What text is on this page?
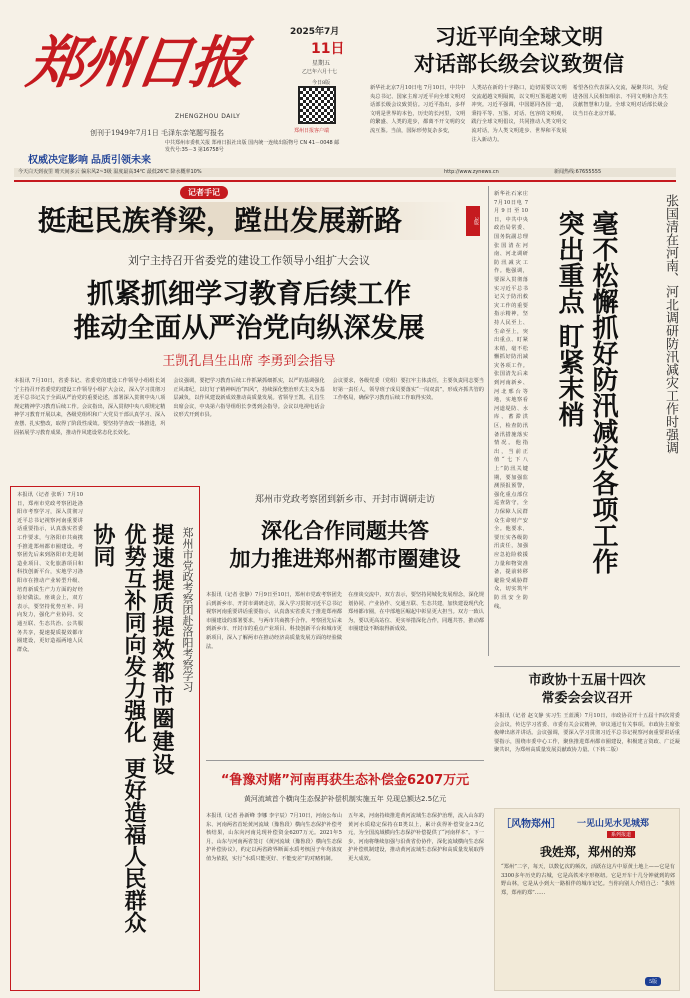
郑州日报
ZHENGZHOU DAILY
创刊于1949年7月1日 毛泽东亲笔题写报名
2025年7月
11日
星期五
乙巳年六月十七
今日8版
郑州日报客户端
中共郑州市委机关报 郑州日报社出版 国内统一连续出版物号 CN 41－0048 邮发代号:35－3 第16758号
权威决定影响 品质引领未来
今天白天到夜里 晴天间多云 偏东风2~3级 温度最高34℃ 最低26℃ 降水概率10%	http://www.zynews.cn	新闻热线:67655555
习近平向全球文明
对话部长级会议致贺信
新华社北京7月10日电 7月10日，中共中央总书记、国家主席习近平向全球文明对话部长级会议致贺信。习近平指出，多样文明是世界的本色，历史的长河里，文明的繁盛、人类的进步，都离不开文明的交流互鉴。当前，国际形势复杂多变，
人类站在新的十字路口，迫切需要以文明交流超越文明隔阂，以文明互鉴超越文明冲突。习近平强调，中国愿同各国一道，秉持平等、互鉴、对话、包容的文明观，践行全球文明倡议，共同推动人类文明交流对话，为人类文明进步、世界和平发展注入新动力。
希望各位代表深入交流，凝聚共识，为促进各国人民相知相亲、不同文明和合共生贡献智慧和力量。全球文明对话部长级会议当日在北京开幕。
记者手记
挺起民族脊梁，蹚出发展新路	3版
刘宁主持召开省委党的建设工作领导小组扩大会议
抓紧抓细学习教育后续工作
推动全面从严治党向纵深发展
王凯孔昌生出席 李勇到会指导
本报讯 7月10日，省委书记、省委党的建设工作领导小组组长刘宁主持召开省委党的建设工作领导小组扩大会议，深入学习贯彻习近平总书记关于全面从严治党的重要论述，部署深入贯彻中央八项规定精神学习教育后续工作。会议指出，深入贯彻中央八项规定精神学习教育开展以来，各级党组织和广大党员干部认真学习、深入查摆、扎实整改，取得了阶段性成效。要坚持学查改一体推进，巩固拓展学习教育成果，推动作风建设常态化长效化。
会议强调，要把学习教育后续工作抓紧抓细抓实，以严的基调强化正风肃纪，以钉钉子精神纠治“四风”，持续深化整治形式主义为基层减负，以作风建设新成效推动高质量发展。省领导王凯、孔昌生出席会议，中央第六指导组组长李勇到会指导。会议以电视电话会议形式开到市县。
会议要求，各级党委（党组）要扛牢主体责任，主要负责同志要当好第一责任人，领导班子成员要落实“一岗双责”，形成齐抓共管的工作格局，确保学习教育后续工作取得实效。	张国清在河南、河北调研防汛减灾工作时强调
突出重点 盯紧末梢 毫不松懈抓好防汛减灾各项工作
新华社石家庄7月10日电 7月9日至10日，中共中央政治局常委、国务院副总理张国清在河南、河北调研防汛减灾工作。他强调，要深入贯彻落实习近平总书记关于防汛救灾工作的重要指示精神，坚持人民至上、生命至上，突出重点、盯紧末梢，毫不松懈抓好防汛减灾各项工作。张国清先后来到河南新乡、河北邢台等地，实地察看河道堤防、水库、蓄滞洪区，检查防汛备汛措施落实情况。他指出，当前正值“七下八上”防汛关键期，要加强监测预报预警，强化重点部位巡查防守，全力保障人民群众生命财产安全。他要求，要压实各级防汛责任，加强应急抢险救援力量和物资准备，提前转移避险受威胁群众，切实筑牢防汛安全防线。
郑州市党政考察团赴洛阳考察学习
提速提质提效都市圈建设
优势互补同向发力强化协同
更好造福人民群众
本报讯（记者 张昕）7月10日，郑州市党政考察团赴洛阳市考察学习，深入贯彻习近平总书记视察河南重要讲话重要指示，认真落实省委工作要求，与洛阳市共商携手推进郑州都市圈建设。考察团先后来到洛阳市先进制造业项目、文化旅游项目和科技创新平台，实地学习洛阳市在推动产业转型升级、培育新质生产力方面的好经验好做法。座谈会上，双方表示，要坚持优势互补、同向发力，强化产业协同、交通互联、生态共治、公共服务共享，提速提质提效都市圈建设，更好造福两地人民群众。
郑州市党政考察团到新乡市、开封市调研走访
深化合作同题共答
加力推进郑州都市圈建设
本报讯（记者 张静）7月9日至10日，郑州市党政考察团先后到新乡市、开封市调研走访，深入学习贯彻习近平总书记视察河南重要讲话重要指示，认真落实省委关于推进郑州都市圈建设的部署要求，与两市共商携手合作。考察团先后来到新乡市、开封市的重点产业项目、科技创新平台和城市更新项目，深入了解两市在推动经济高质量发展方面的经验做法。
在座谈交流中，双方表示，要坚持同城化发展理念，深化规划协同、产业协作、交通互联、生态共建，加快建设现代化郑州都市圈，在中部地区崛起中彰显更大担当。双方一致认为，要以更高站位、更实举措深化合作，同题共答，推动都市圈建设不断取得新成效。
“鲁豫对赌”河南再获生态补偿金6207万元
黄河流域首个横向生态保护补偿机制实施五年 兑现总额达2.5亿元
本报讯（记者 孙新峰 李娜 李宇辰）7月10日，河南公布山东、河南两省首轮黄河流域（豫鲁段）横向生态保护补偿考核结果，山东向河南兑现补偿资金6207万元。2021年5月，山东与河南两省签订《黄河流域（豫鲁段）横向生态保护补偿协议》，约定以两省跨界断面水质考核因子年均浓度值为依据，实行“水质只能更好、不能变差”的对赌机制。
五年来，河南持续推进黄河流域生态保护治理，流入山东的黄河水质稳定保持在Ⅱ类以上，累计获得补偿资金2.5亿元，为全国流域横向生态保护补偿提供了“河南样本”。下一步，河南将继续加强与沿黄省份协作，深化流域横向生态保护补偿机制建设，推动黄河流域生态保护和高质量发展取得更大成效。
市政协十五届十四次
常委会会议召开
本报讯（记者 赵文静 实习生 王蓝溪）7月10日，市政协召开十五届十四次常委会会议，传达学习省委、市委有关会议精神，审议通过有关事项。市政协主席张俊峰出席并讲话。会议强调，要深入学习贯彻习近平总书记视察河南重要讲话重要指示，围绕市委中心工作，聚焦推进郑州都市圈建设，积极建言资政、广泛凝聚共识，为郑州高质量发展贡献政协力量。（下转二版）
［风物郑州］ 一见山见水见城郑
系列报道
我姓郑，郑州的郑
“郑州”二字，每天，以数亿次的频次，活跃在这片中原黄土地上——它是有3300多年历史的古城，它是高铁米字形枢纽。它是开车十几分钟就到的郊野山林，它是从小到大一路相伴的城市记忆。当你向别人介绍自己：“我姓郑，郑州的郑”……
5版
